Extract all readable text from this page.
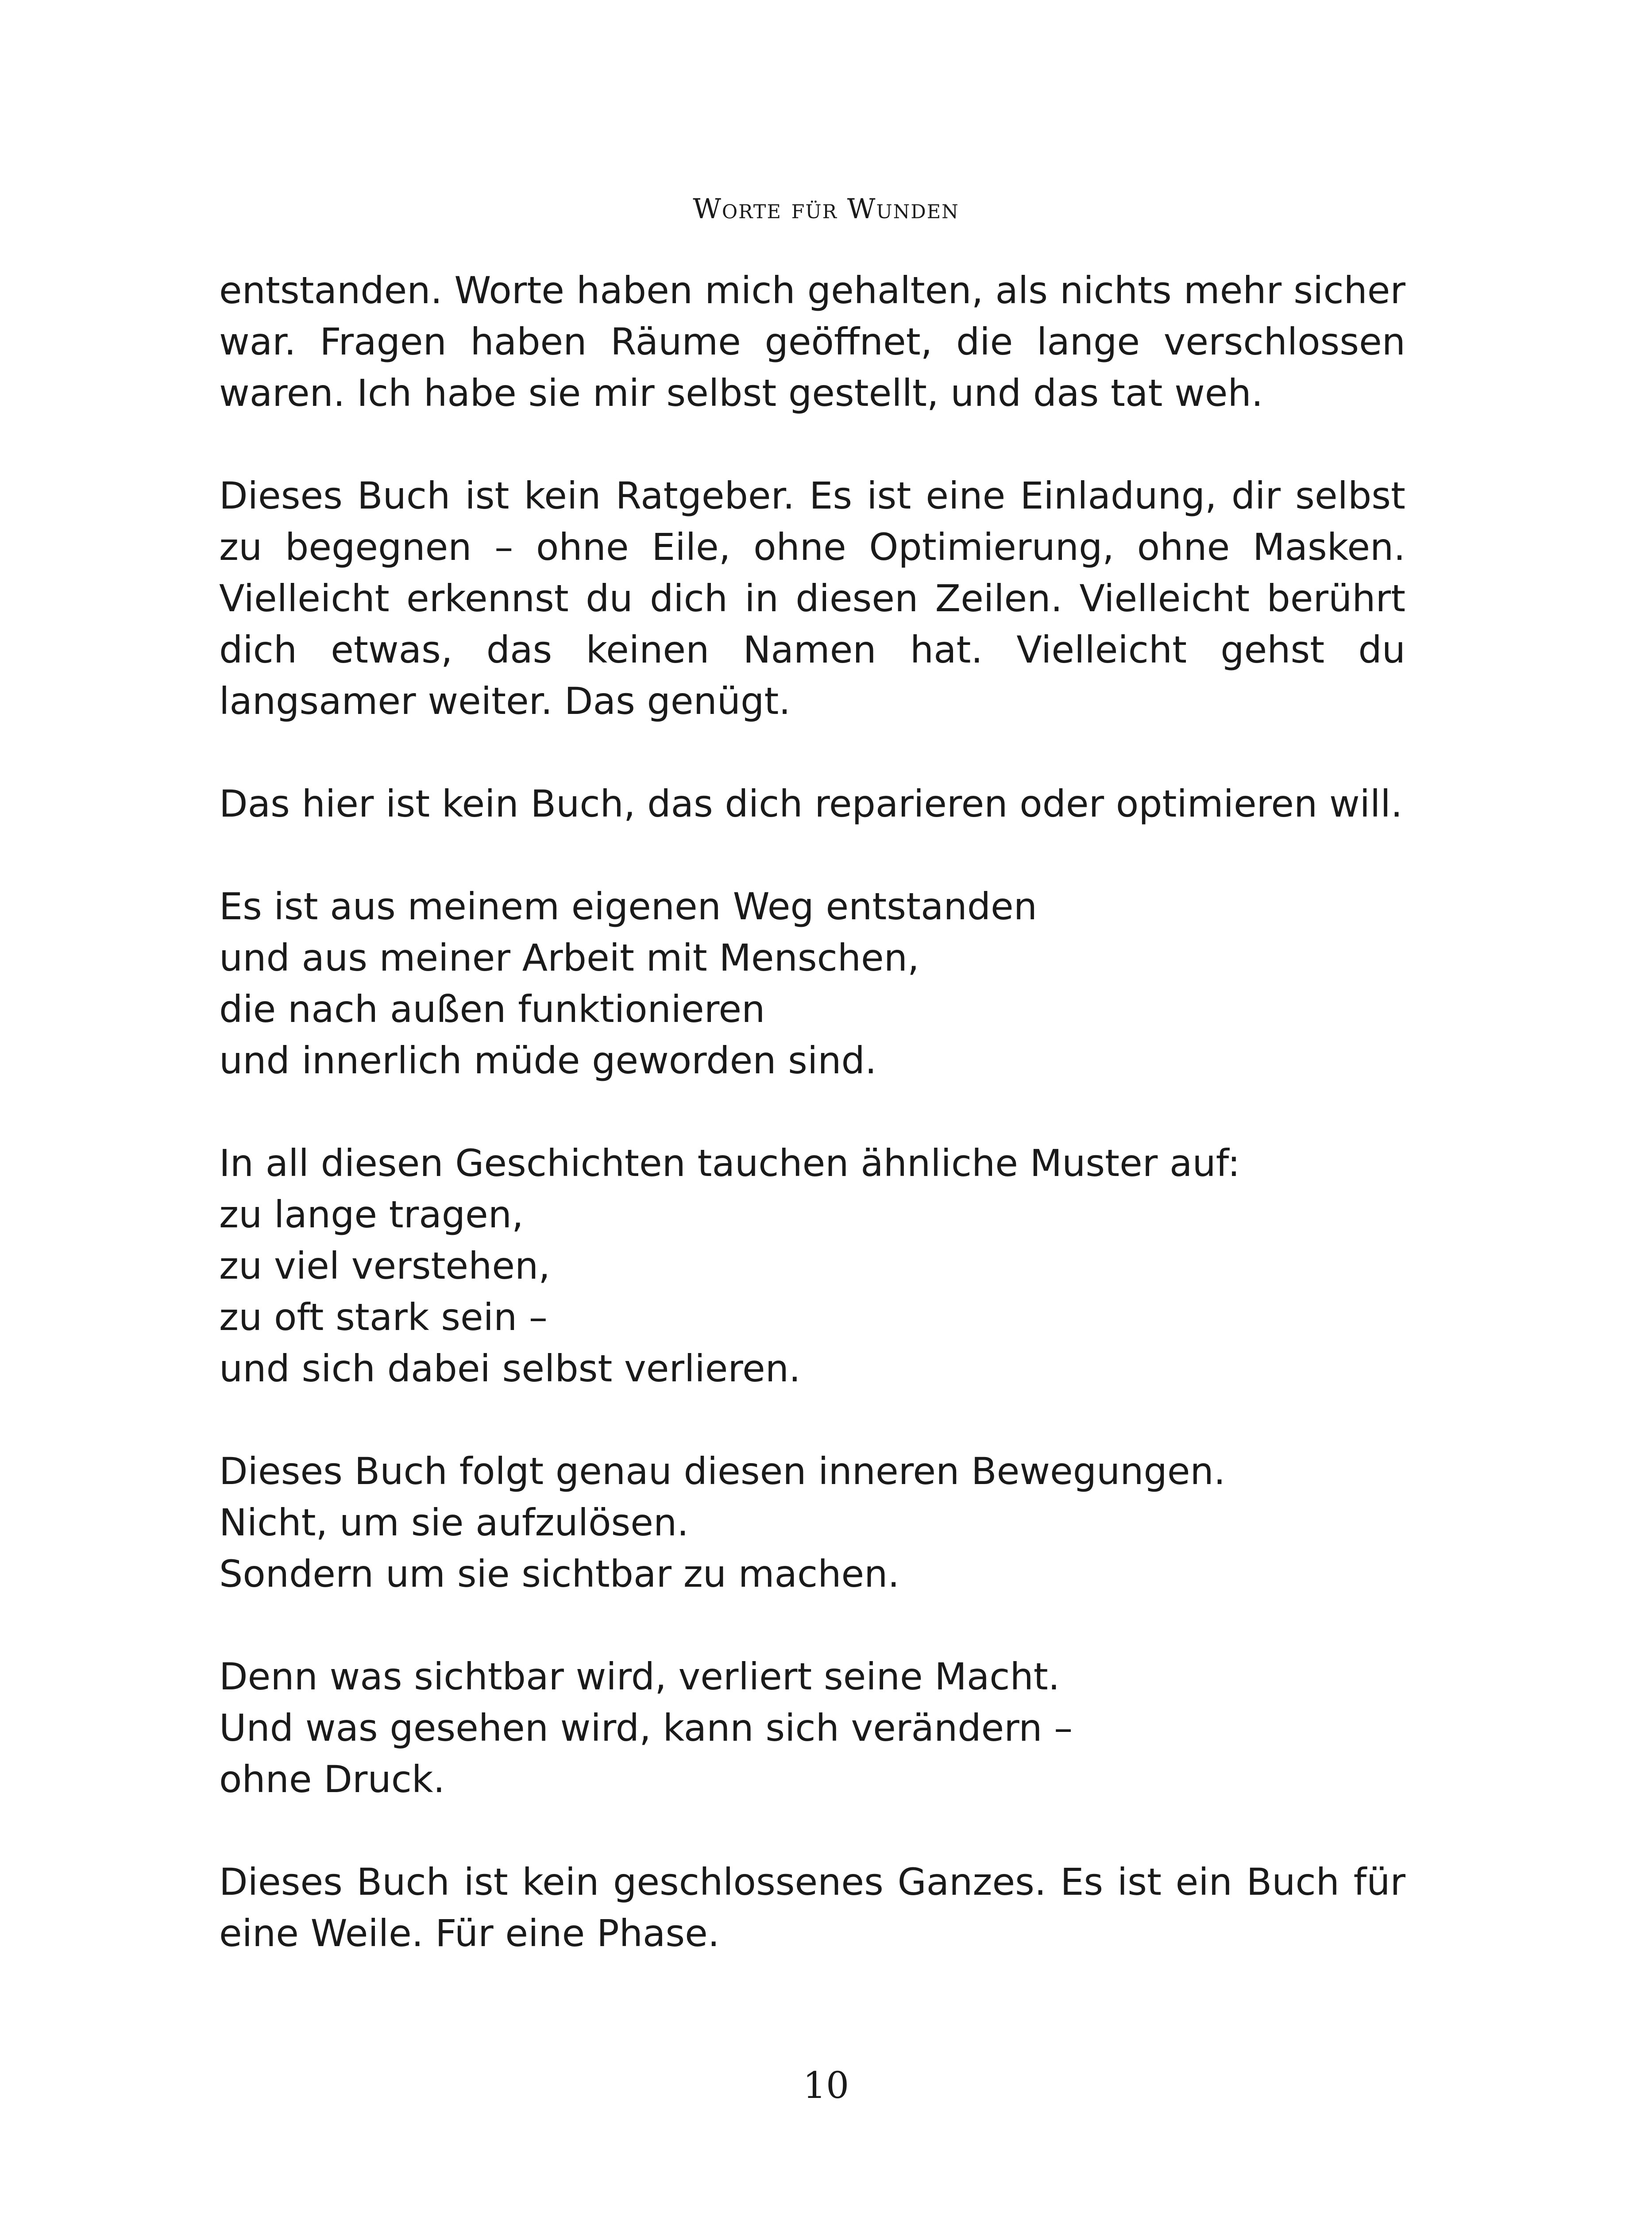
Worte für Wunden

entstanden. Worte haben mich gehalten, als nichts mehr sicher war. Fragen haben Räume geöffnet, die lange verschlossen waren. Ich habe sie mir selbst gestellt, und das tat weh.

Dieses Buch ist kein Ratgeber. Es ist eine Einladung, dir selbst zu begegnen – ohne Eile, ohne Optimierung, ohne Masken. Vielleicht erkennst du dich in diesen Zeilen. Vielleicht berührt dich etwas, das keinen Namen hat. Vielleicht gehst du langsamer weiter. Das genügt.

Das hier ist kein Buch, das dich reparieren oder optimieren will.

Es ist aus meinem eigenen Weg entstanden
und aus meiner Arbeit mit Menschen,
die nach außen funktionieren
und innerlich müde geworden sind.

In all diesen Geschichten tauchen ähnliche Muster auf:
zu lange tragen,
zu viel verstehen,
zu oft stark sein –
und sich dabei selbst verlieren.

Dieses Buch folgt genau diesen inneren Bewegungen.
Nicht, um sie aufzulösen.
Sondern um sie sichtbar zu machen.

Denn was sichtbar wird, verliert seine Macht.
Und was gesehen wird, kann sich verändern –
ohne Druck.

Dieses Buch ist kein geschlossenes Ganzes. Es ist ein Buch für eine Weile. Für eine Phase.

10
